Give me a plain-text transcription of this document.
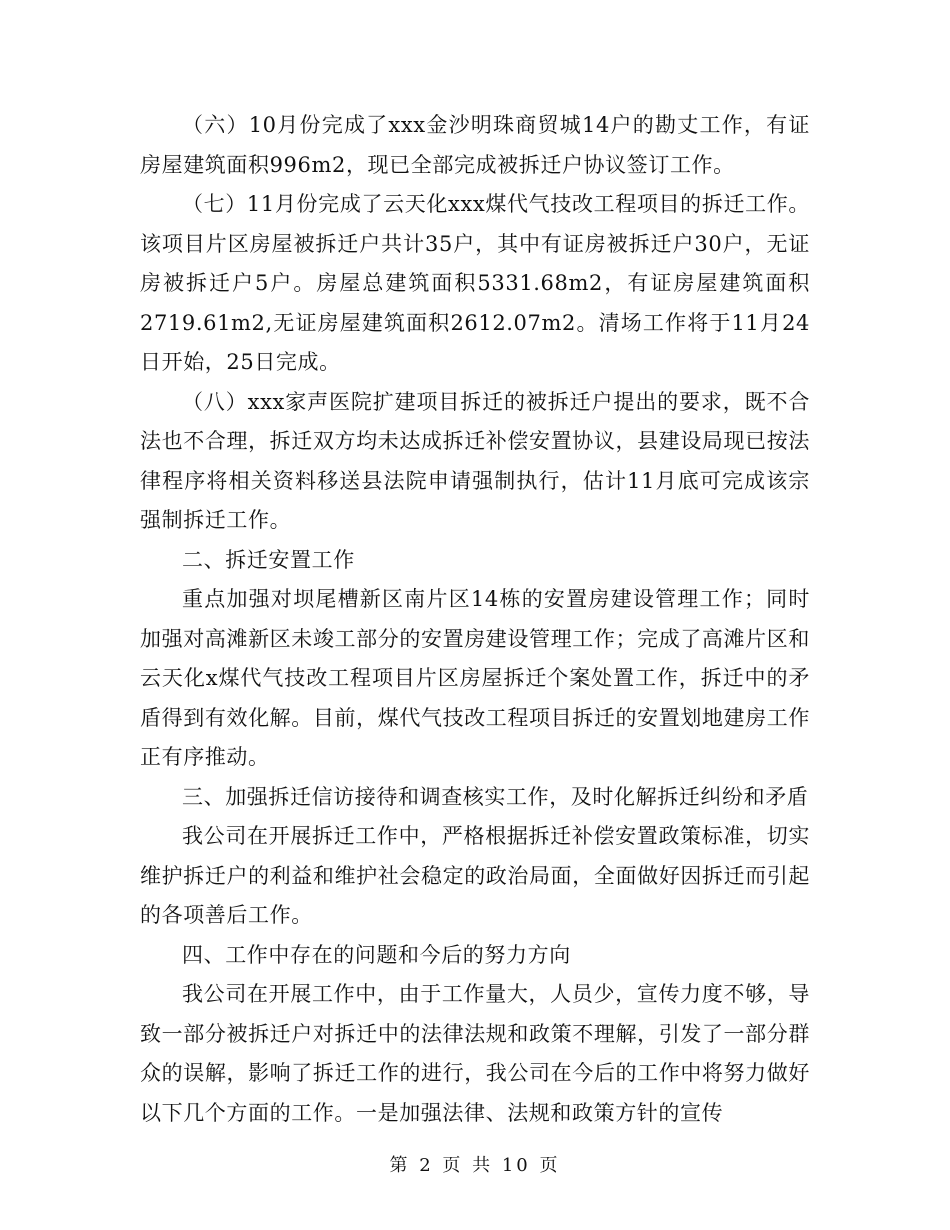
（六）10月份完成了xxx金沙明珠商贸城14户的勘丈工作，有证房屋建筑面积996m2，现已全部完成被拆迁户协议签订工作。

（七）11月份完成了云天化xxx煤代气技改工程项目的拆迁工作。该项目片区房屋被拆迁户共计35户，其中有证房被拆迁户30户，无证房被拆迁户5户。房屋总建筑面积5331.68m2，有证房屋建筑面积2719.61m2,无证房屋建筑面积2612.07m2。清场工作将于11月24日开始，25日完成。

（八）xxx家声医院扩建项目拆迁的被拆迁户提出的要求，既不合法也不合理，拆迁双方均未达成拆迁补偿安置协议，县建设局现已按法律程序将相关资料移送县法院申请强制执行，估计11月底可完成该宗强制拆迁工作。

二、拆迁安置工作

重点加强对坝尾槽新区南片区14栋的安置房建设管理工作；同时加强对高滩新区未竣工部分的安置房建设管理工作；完成了高滩片区和云天化x煤代气技改工程项目片区房屋拆迁个案处置工作，拆迁中的矛盾得到有效化解。目前，煤代气技改工程项目拆迁的安置划地建房工作正有序推动。

三、加强拆迁信访接待和调查核实工作，及时化解拆迁纠纷和矛盾

我公司在开展拆迁工作中，严格根据拆迁补偿安置政策标准，切实维护拆迁户的利益和维护社会稳定的政治局面，全面做好因拆迁而引起的各项善后工作。

四、工作中存在的问题和今后的努力方向

我公司在开展工作中，由于工作量大，人员少，宣传力度不够，导致一部分被拆迁户对拆迁中的法律法规和政策不理解，引发了一部分群众的误解，影响了拆迁工作的进行，我公司在今后的工作中将努力做好以下几个方面的工作。一是加强法律、法规和政策方针的宣传

第 2 页 共 10 页
